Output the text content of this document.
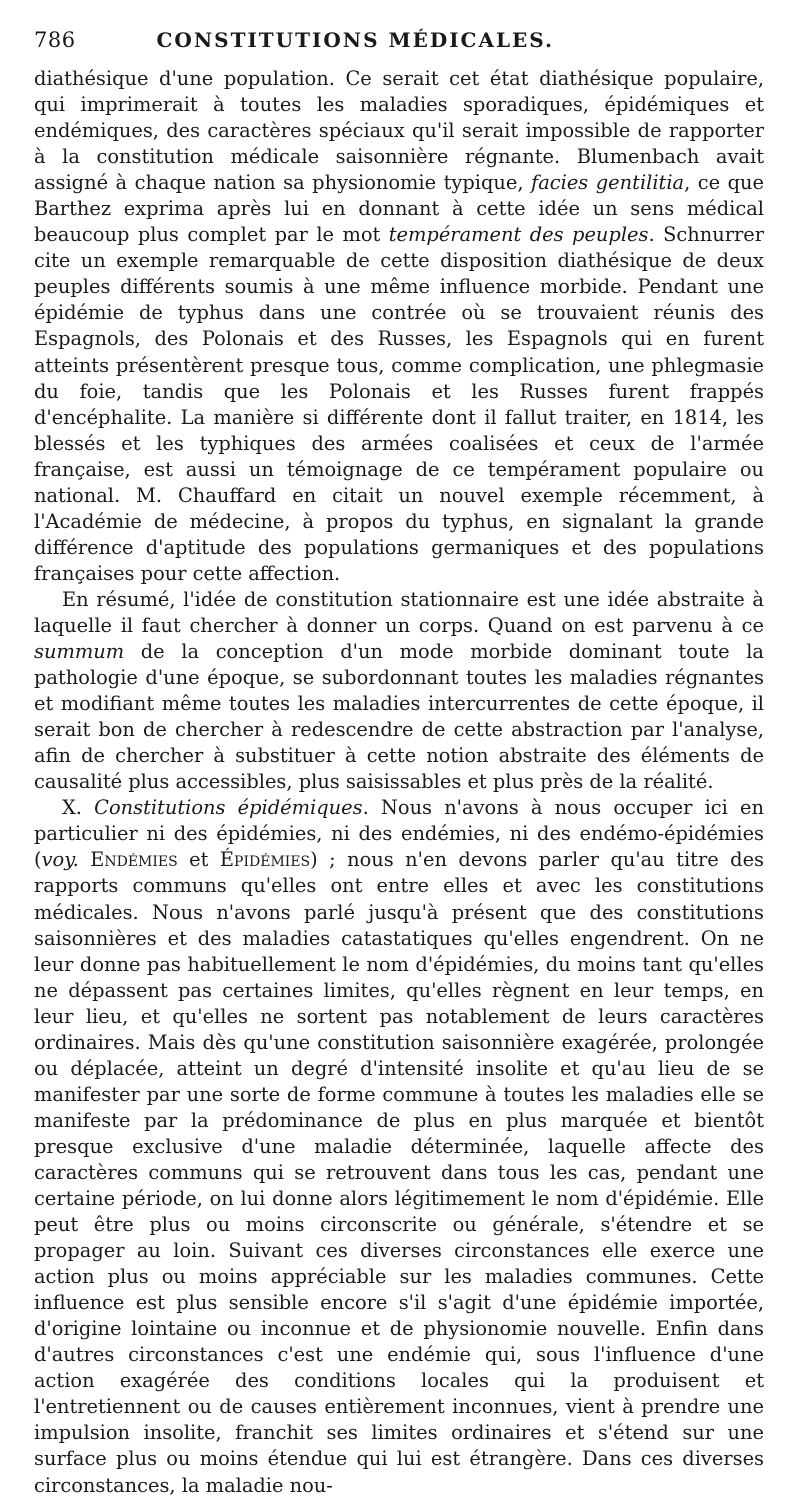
786	CONSTITUTIONS MÉDICALES.

diathésique d'une population. Ce serait cet état diathésique populaire, qui imprimerait à toutes les maladies sporadiques, épidémiques et endémiques, des caractères spéciaux qu'il serait impossible de rapporter à la constitution médicale saisonnière régnante. Blumenbach avait assigné à chaque nation sa physionomie typique, facies gentilitia, ce que Barthez exprima après lui en donnant à cette idée un sens médical beaucoup plus complet par le mot tempérament des peuples. Schnurrer cite un exemple remarquable de cette disposition diathésique de deux peuples différents soumis à une même influence morbide. Pendant une épidémie de typhus dans une contrée où se trouvaient réunis des Espagnols, des Polonais et des Russes, les Espagnols qui en furent atteints présentèrent presque tous, comme complication, une phlegmasie du foie, tandis que les Polonais et les Russes furent frappés d'encéphalite. La manière si différente dont il fallut traiter, en 1814, les blessés et les typhiques des armées coalisées et ceux de l'armée française, est aussi un témoignage de ce tempérament populaire ou national. M. Chauffard en citait un nouvel exemple récemment, à l'Académie de médecine, à propos du typhus, en signalant la grande différence d'aptitude des populations germaniques et des populations françaises pour cette affection.

En résumé, l'idée de constitution stationnaire est une idée abstraite à laquelle il faut chercher à donner un corps. Quand on est parvenu à ce summum de la conception d'un mode morbide dominant toute la pathologie d'une époque, se subordonnant toutes les maladies régnantes et modifiant même toutes les maladies intercurrentes de cette époque, il serait bon de chercher à redescendre de cette abstraction par l'analyse, afin de chercher à substituer à cette notion abstraite des éléments de causalité plus accessibles, plus saisissables et plus près de la réalité.

X. Constitutions épidémiques. Nous n'avons à nous occuper ici en particulier ni des épidémies, ni des endémies, ni des endémo-épidémies (voy. Endémies et Épidémies) ; nous n'en devons parler qu'au titre des rapports communs qu'elles ont entre elles et avec les constitutions médicales. Nous n'avons parlé jusqu'à présent que des constitutions saisonnières et des maladies catastatiques qu'elles engendrent. On ne leur donne pas habituellement le nom d'épidémies, du moins tant qu'elles ne dépassent pas certaines limites, qu'elles règnent en leur temps, en leur lieu, et qu'elles ne sortent pas notablement de leurs caractères ordinaires. Mais dès qu'une constitution saisonnière exagérée, prolongée ou déplacée, atteint un degré d'intensité insolite et qu'au lieu de se manifester par une sorte de forme commune à toutes les maladies elle se manifeste par la prédominance de plus en plus marquée et bientôt presque exclusive d'une maladie déterminée, laquelle affecte des caractères communs qui se retrouvent dans tous les cas, pendant une certaine période, on lui donne alors légitimement le nom d'épidémie. Elle peut être plus ou moins circonscrite ou générale, s'étendre et se propager au loin. Suivant ces diverses circonstances elle exerce une action plus ou moins appréciable sur les maladies communes. Cette influence est plus sensible encore s'il s'agit d'une épidémie importée, d'origine lointaine ou inconnue et de physionomie nouvelle. Enfin dans d'autres circonstances c'est une endémie qui, sous l'influence d'une action exagérée des conditions locales qui la produisent et l'entretiennent ou de causes entièrement inconnues, vient à prendre une impulsion insolite, franchit ses limites ordinaires et s'étend sur une surface plus ou moins étendue qui lui est étrangère. Dans ces diverses circonstances, la maladie nou-
